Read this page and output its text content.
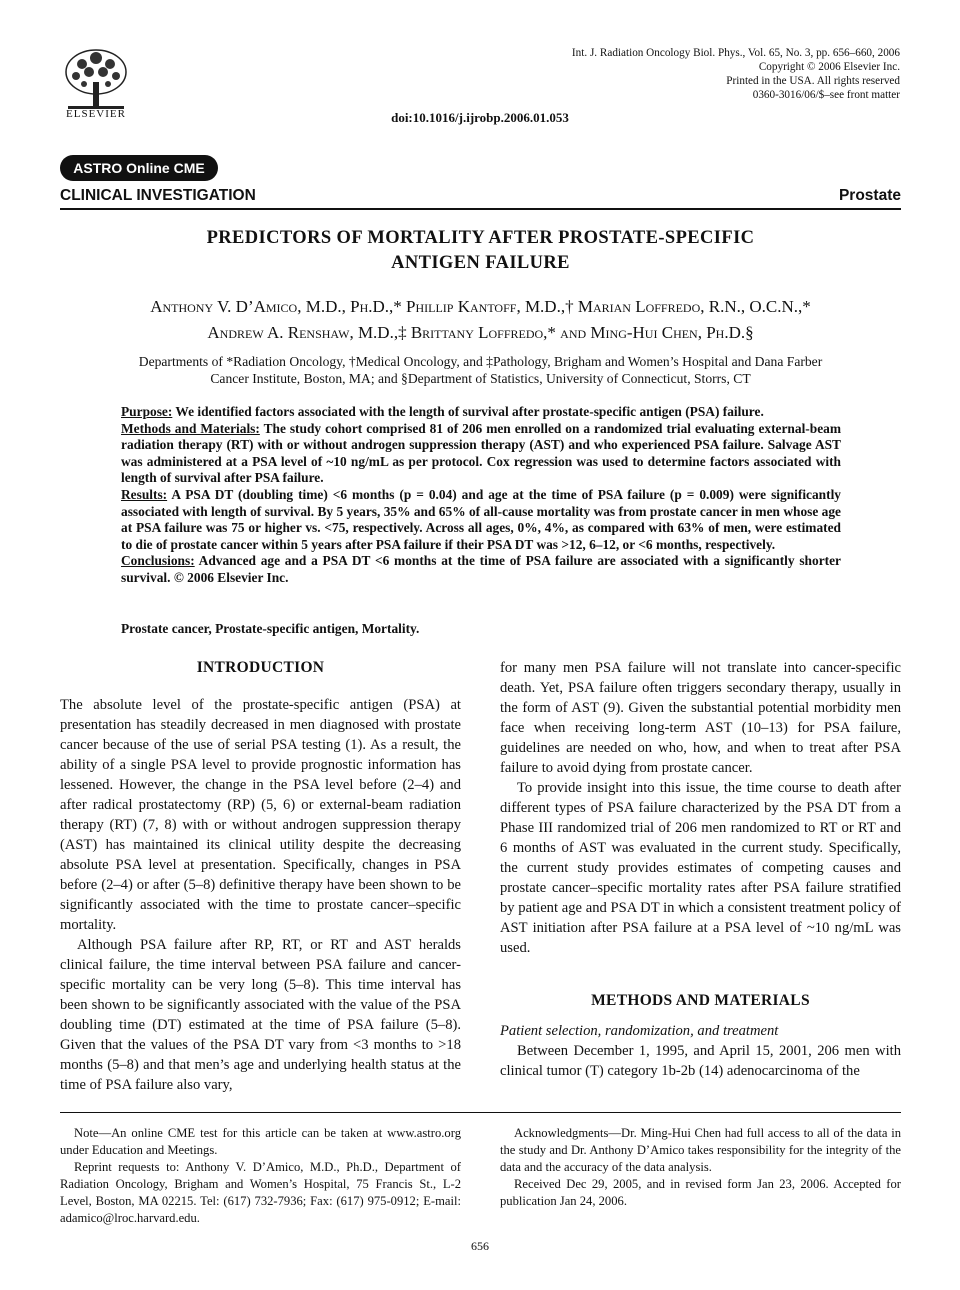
ELSEVIER
Int. J. Radiation Oncology Biol. Phys., Vol. 65, No. 3, pp. 656–660, 2006
Copyright © 2006 Elsevier Inc.
Printed in the USA. All rights reserved
0360-3016/06/$–see front matter
doi:10.1016/j.ijrobp.2006.01.053
ASTRO Online CME
CLINICAL INVESTIGATION	Prostate
PREDICTORS OF MORTALITY AFTER PROSTATE-SPECIFIC
ANTIGEN FAILURE
Anthony V. D’Amico, M.D., Ph.D.,* Phillip Kantoff, M.D.,† Marian Loffredo, R.N., O.C.N.,*
Andrew A. Renshaw, M.D.,‡ Brittany Loffredo,* and Ming-Hui Chen, Ph.D.§
Departments of *Radiation Oncology, †Medical Oncology, and ‡Pathology, Brigham and Women’s Hospital and Dana Farber
Cancer Institute, Boston, MA; and §Department of Statistics, University of Connecticut, Storrs, CT

Purpose: We identified factors associated with the length of survival after prostate-specific antigen (PSA) failure.

Methods and Materials: The study cohort comprised 81 of 206 men enrolled on a randomized trial evaluating external-beam radiation therapy (RT) with or without androgen suppression therapy (AST) and who experienced PSA failure. Salvage AST was administered at a PSA level of ~10 ng/mL as per protocol. Cox regression was used to determine factors associated with length of survival after PSA failure.

Results: A PSA DT (doubling time) <6 months (p = 0.04) and age at the time of PSA failure (p = 0.009) were significantly associated with length of survival. By 5 years, 35% and 65% of all-cause mortality was from prostate cancer in men whose age at PSA failure was 75 or higher vs. <75, respectively. Across all ages, 0%, 4%, as compared with 63% of men, were estimated to die of prostate cancer within 5 years after PSA failure if their PSA DT was >12, 6–12, or <6 months, respectively.

Conclusions: Advanced age and a PSA DT <6 months at the time of PSA failure are associated with a significantly shorter survival. © 2006 Elsevier Inc.

Prostate cancer, Prostate-specific antigen, Mortality.
INTRODUCTION

The absolute level of the prostate-specific antigen (PSA) at presentation has steadily decreased in men diagnosed with prostate cancer because of the use of serial PSA testing (1). As a result, the ability of a single PSA level to provide prognostic information has lessened. However, the change in the PSA level before (2–4) and after radical prostatectomy (RP) (5, 6) or external-beam radiation therapy (RT) (7, 8) with or without androgen suppression therapy (AST) has maintained its clinical utility despite the decreasing absolute PSA level at presentation. Specifically, changes in PSA before (2–4) or after (5–8) definitive therapy have been shown to be significantly associated with the time to prostate cancer–specific mortality.

Although PSA failure after RP, RT, or RT and AST heralds clinical failure, the time interval between PSA failure and cancer-specific mortality can be very long (5–8). This time interval has been shown to be significantly associated with the value of the PSA doubling time (DT) estimated at the time of PSA failure (5–8). Given that the values of the PSA DT vary from <3 months to >18 months (5–8) and that men’s age and underlying health status at the time of PSA failure also vary,

for many men PSA failure will not translate into cancer-specific death. Yet, PSA failure often triggers secondary therapy, usually in the form of AST (9). Given the substantial potential morbidity men face when receiving long-term AST (10–13) for PSA failure, guidelines are needed on who, how, and when to treat after PSA failure to avoid dying from prostate cancer.

To provide insight into this issue, the time course to death after different types of PSA failure characterized by the PSA DT from a Phase III randomized trial of 206 men randomized to RT or RT and 6 months of AST was evaluated in the current study. Specifically, the current study provides estimates of competing causes and prostate cancer–specific mortality rates after PSA failure stratified by patient age and PSA DT in which a consistent treatment policy of AST initiation after PSA failure at a PSA level of ~10 ng/mL was used.

METHODS AND MATERIALS

Patient selection, randomization, and treatment

Between December 1, 1995, and April 15, 2001, 206 men with clinical tumor (T) category 1b-2b (14) adenocarcinoma of the

Note—An online CME test for this article can be taken at www.astro.org under Education and Meetings.

Reprint requests to: Anthony V. D’Amico, M.D., Ph.D., Department of Radiation Oncology, Brigham and Women’s Hospital, 75 Francis St., L-2 Level, Boston, MA 02215. Tel: (617) 732-7936; Fax: (617) 975-0912; E-mail: adamico@lroc.harvard.edu.

Acknowledgments—Dr. Ming-Hui Chen had full access to all of the data in the study and Dr. Anthony D’Amico takes responsibility for the integrity of the data and the accuracy of the data analysis.

Received Dec 29, 2005, and in revised form Jan 23, 2006. Accepted for publication Jan 24, 2006.

656
